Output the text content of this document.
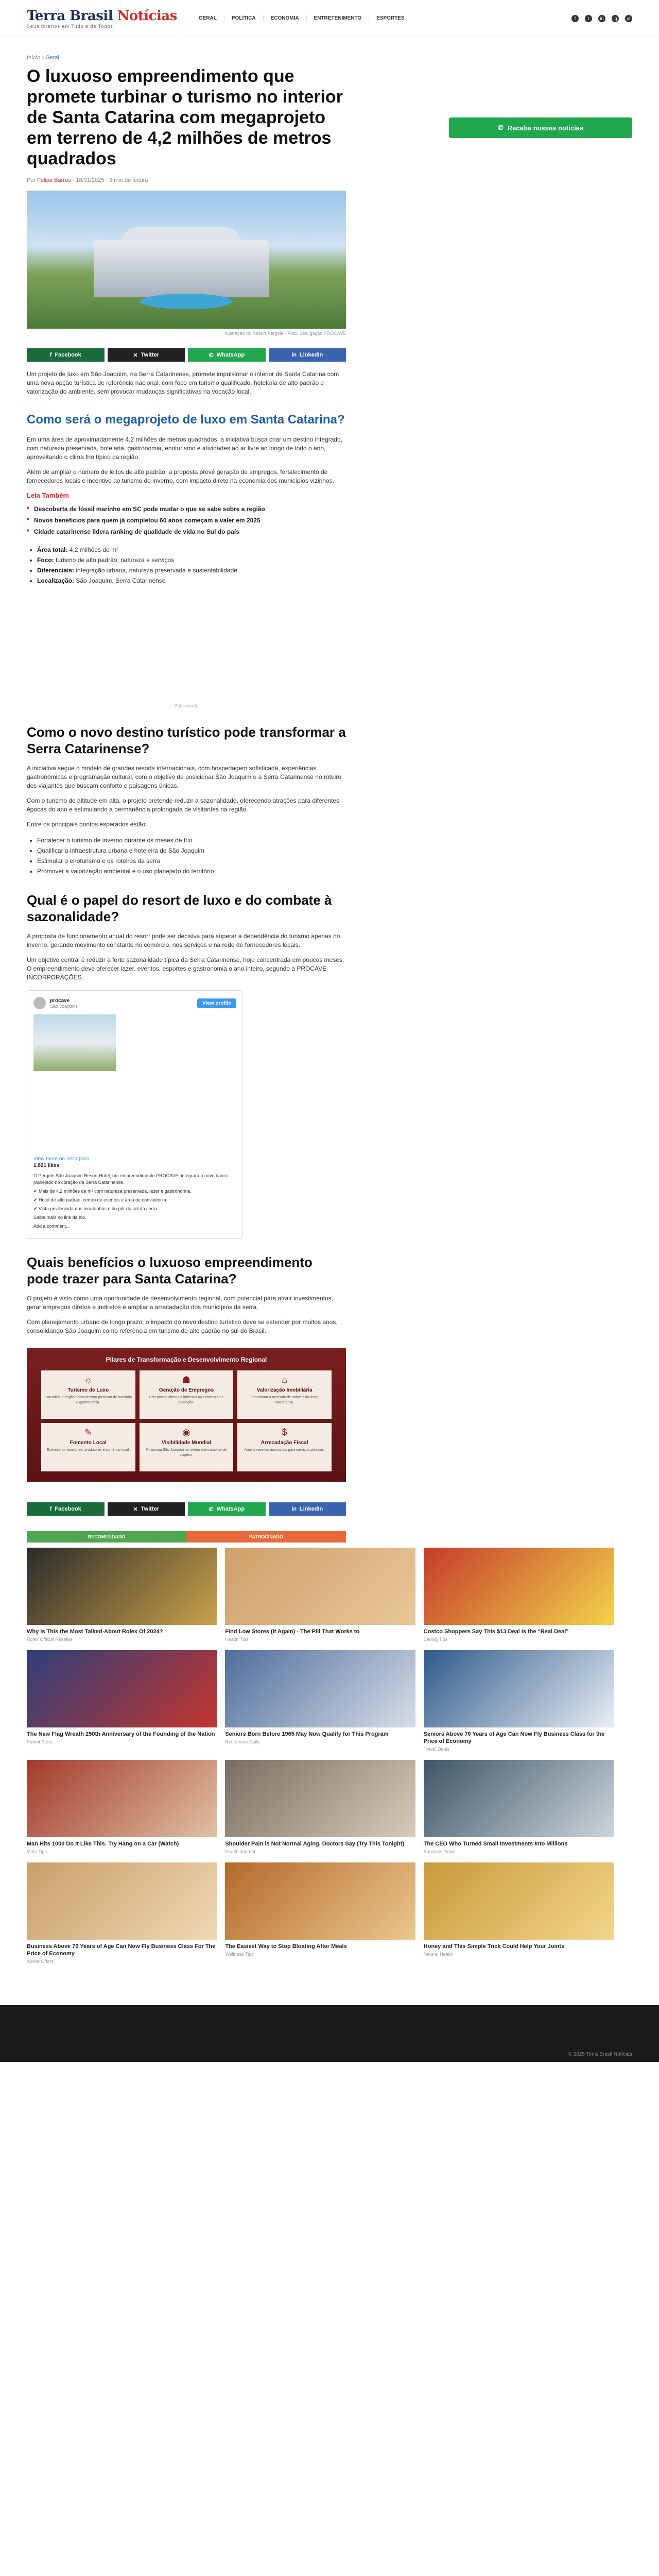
Terra Brasil Notícias
Seus direitos em Tudo e de Todos
GERAL	POLÍTICA	ECONOMIA	ENTRETENIMENTO	ESPORTES	f	t	in	ig	yt
Início › Geral
O luxuoso empreendimento que promete turbinar o turismo no interior de Santa Catarina com megaprojeto em terreno de 4,2 milhões de metros quadrados
Por Felipe Barros · 18/01/2025 · 3 min de leitura
Ilustração do Resort Pergole · Foto: Divulgação PROCAVE
f Facebook	✕ Twitter	✆ WhatsApp	in LinkedIn

Um projeto de luxo em São Joaquim, na Serra Catarinense, promete impulsionar o interior de Santa Catarina com uma nova opção turística de referência nacional, com foco em turismo qualificado, hotelaria de alto padrão e valorização do ambiente, sem provocar mudanças significativas na vocação local.

Como será o megaprojeto de luxo em Santa Catarina?

Em uma área de aproximadamente 4,2 milhões de metros quadrados, a iniciativa busca criar um destino integrado, com natureza preservada, hotelaria, gastronomia, enoturismo e atividades ao ar livre ao longo de todo o ano, aproveitando o clima frio típico da região.

Além de ampliar o número de leitos de alto padrão, a proposta prevê geração de empregos, fortalecimento de fornecedores locais e incentivo ao turismo de inverno, com impacto direto na economia dos municípios vizinhos.

Leia Também
■ Descoberta de fóssil marinho em SC pode mudar o que se sabe sobre a região
■ Novos benefícios para quem já completou 60 anos começam a valer em 2025
■ Cidade catarinense lidera ranking de qualidade de vida no Sul do país
• Área total: 4,2 milhões de m²
• Foco: turismo de alto padrão, natureza e serviços
• Diferenciais: integração urbana, natureza preservada e sustentabilidade
• Localização: São Joaquim, Serra Catarinense
Publicidade
Como o novo destino turístico pode transformar a Serra Catarinense?

A iniciativa segue o modelo de grandes resorts internacionais, com hospedagem sofisticada, experiências gastronômicas e programação cultural, com o objetivo de posicionar São Joaquim e a Serra Catarinense no roteiro dos viajantes que buscam conforto e paisagens únicas.

Com o turismo de altitude em alta, o projeto pretende reduzir a sazonalidade, oferecendo atrações para diferentes épocas do ano e estimulando a permanência prolongada de visitantes na região.

Entre os principais pontos esperados estão:

• Fortalecer o turismo de inverno durante os meses de frio
• Qualificar a infraestrutura urbana e hoteleira de São Joaquim
• Estimular o enoturismo e os roteiros da serra
• Promover a valorização ambiental e o uso planejado do território
Qual é o papel do resort de luxo e do combate à sazonalidade?

A proposta de funcionamento anual do resort pode ser decisiva para superar a dependência do turismo apenas no inverno, gerando movimento constante no comércio, nos serviços e na rede de fornecedores locais.

Um objetivo central é reduzir a forte sazonalidade típica da Serra Catarinense, hoje concentrada em poucos meses. O empreendimento deve oferecer lazer, eventos, esportes e gastronomia o ano inteiro, segundo a PROCAVE INCORPORAÇÕES.

procave
São Joaquim	View profile
View more on Instagram
1.821 likes

O Pergole São Joaquim Resort Hotel, um empreendimento PROCAVE, integrará o novo bairro planejado no coração da Serra Catarinense.

✔ Mais de 4,2 milhões de m² com natureza preservada, lazer e gastronomia.

✔ Hotel de alto padrão, centro de eventos e área de convivência.

✔ Vista privilegiada das montanhas e do pôr do sol da serra.

Saiba mais no link da bio.

Add a comment...

Quais benefícios o luxuoso empreendimento pode trazer para Santa Catarina?

O projeto é visto como uma oportunidade de desenvolvimento regional, com potencial para atrair investimentos, gerar empregos diretos e indiretos e ampliar a arrecadação dos municípios da serra.

Com planejamento urbano de longo prazo, o impacto do novo destino turístico deve se estender por muitos anos, consolidando São Joaquim como referência em turismo de alto padrão no sul do Brasil.

Pilares de Transformação e Desenvolvimento Regional
☼
Turismo de Luxo
Consolida a região como destino premium de hotelaria e gastronomia.
☗
Geração de Empregos
Cria postos diretos e indiretos na construção e operação.
⌂
Valorização Imobiliária
Impulsiona o mercado de imóveis da serra catarinense.
✎
Fomento Local
Estimula fornecedores, produtores e comércio local.
◉
Visibilidade Mundial
Posiciona São Joaquim no roteiro internacional de viagens.
$
Arrecadação Fiscal
Amplia receitas municipais para serviços públicos.
f Facebook	✕ Twitter	✆ WhatsApp	in LinkedIn
RECOMENDADO	PATROCINADO
Why Is This the Most Talked-About Rolex Of 2024?
Rolex Official Reseller
Find Low Stores (It Again) - The Pill That Works to
Health Tips
Costco Shoppers Say This $13 Deal Is the "Real Deal"
Saving Tips
The New Flag Wreath 250th Anniversary of the Founding of the Nation
Patriot Store
Seniors Born Before 1965 May Now Qualify for This Program
Retirement Daily
Seniors Above 70 Years of Age Can Now Fly Business Class for the Price of Economy
Travel Deals
Man Hits 1000 Do It Like This: Try Hang on a Car (Watch)
Moto Tips
Shoulder Pain is Not Normal Aging, Doctors Say (Try This Tonight)
Health Journal
The CEO Who Turned Small Investments Into Millions
Business News
Business Above 70 Years of Age Can Now Fly Business Class For The Price of Economy
Airline Offers
The Easiest Way to Stop Bloating After Meals
Wellness Tips
Honey and This Simple Trick Could Help Your Joints
Natural Health
✆ Receba nossas notícias
© 2025 Terra Brasil Notícias
